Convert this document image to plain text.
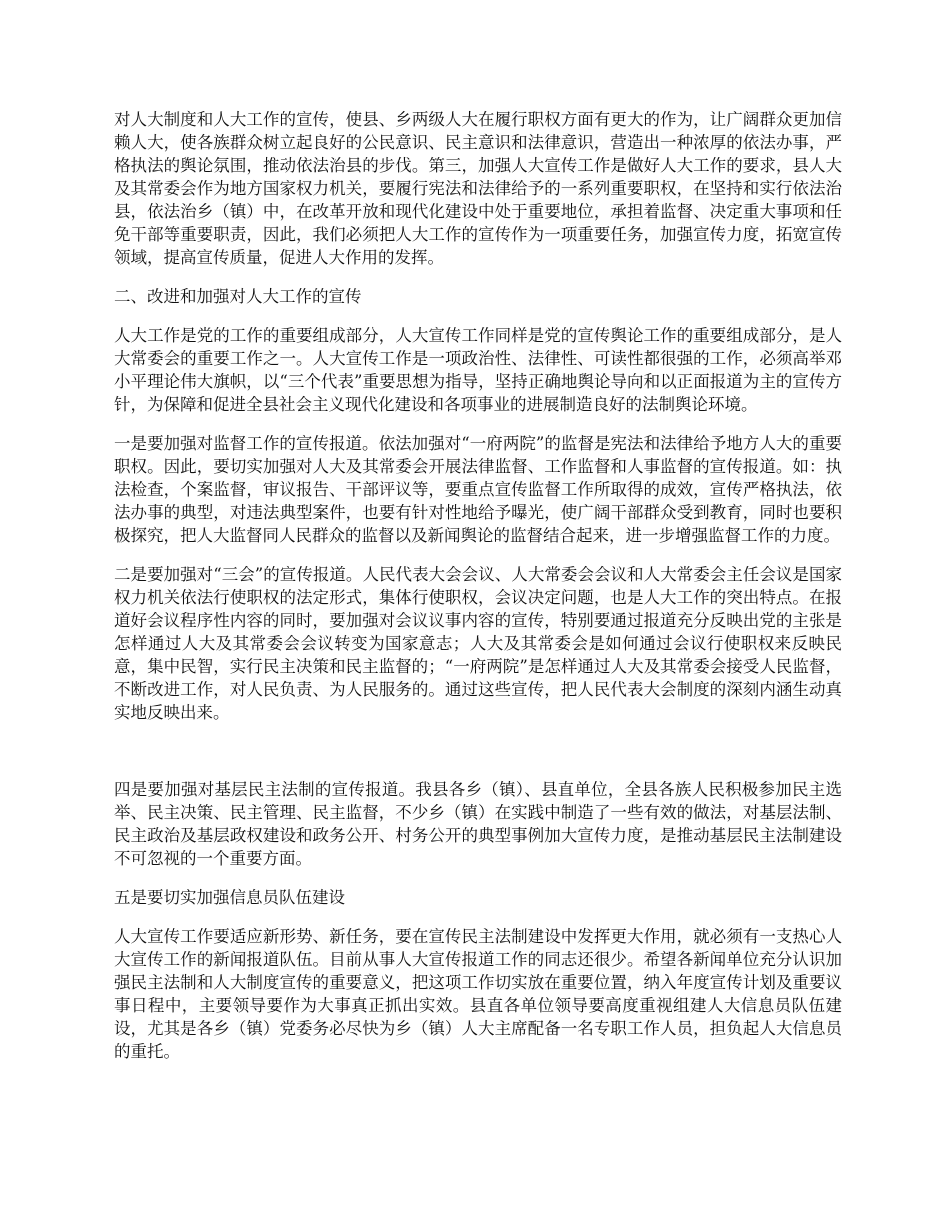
对人大制度和人大工作的宣传，使县、乡两级人大在履行职权方面有更大的作为，让广阔群众更加信赖人大，使各族群众树立起良好的公民意识、民主意识和法律意识，营造出一种浓厚的依法办事，严格执法的舆论氛围，推动依法治县的步伐。第三，加强人大宣传工作是做好人大工作的要求，县人大及其常委会作为地方国家权力机关，要履行宪法和法律给予的一系列重要职权，在坚持和实行依法治县，依法治乡（镇）中，在改革开放和现代化建设中处于重要地位，承担着监督、决定重大事项和任免干部等重要职责，因此，我们必须把人大工作的宣传作为一项重要任务，加强宣传力度，拓宽宣传领域，提高宣传质量，促进人大作用的发挥。

二、改进和加强对人大工作的宣传

人大工作是党的工作的重要组成部分，人大宣传工作同样是党的宣传舆论工作的重要组成部分，是人大常委会的重要工作之一。人大宣传工作是一项政治性、法律性、可读性都很强的工作，必须高举邓小平理论伟大旗帜，以“三个代表”重要思想为指导，坚持正确地舆论导向和以正面报道为主的宣传方针，为保障和促进全县社会主义现代化建设和各项事业的进展制造良好的法制舆论环境。

一是要加强对监督工作的宣传报道。依法加强对“一府两院”的监督是宪法和法律给予地方人大的重要职权。因此，要切实加强对人大及其常委会开展法律监督、工作监督和人事监督的宣传报道。如：执法检查，个案监督，审议报告、干部评议等，要重点宣传监督工作所取得的成效，宣传严格执法，依法办事的典型，对违法典型案件，也要有针对性地给予曝光，使广阔干部群众受到教育，同时也要积极探究，把人大监督同人民群众的监督以及新闻舆论的监督结合起来，进一步增强监督工作的力度。

二是要加强对“三会”的宣传报道。人民代表大会会议、人大常委会会议和人大常委会主任会议是国家权力机关依法行使职权的法定形式，集体行使职权，会议决定问题，也是人大工作的突出特点。在报道好会议程序性内容的同时，要加强对会议议事内容的宣传，特别要通过报道充分反映出党的主张是怎样通过人大及其常委会会议转变为国家意志；人大及其常委会是如何通过会议行使职权来反映民意，集中民智，实行民主决策和民主监督的；“一府两院”是怎样通过人大及其常委会接受人民监督，不断改进工作，对人民负责、为人民服务的。通过这些宣传，把人民代表大会制度的深刻内涵生动真实地反映出来。

四是要加强对基层民主法制的宣传报道。我县各乡（镇）、县直单位，全县各族人民积极参加民主选举、民主决策、民主管理、民主监督，不少乡（镇）在实践中制造了一些有效的做法，对基层法制、民主政治及基层政权建设和政务公开、村务公开的典型事例加大宣传力度，是推动基层民主法制建设不可忽视的一个重要方面。

五是要切实加强信息员队伍建设

人大宣传工作要适应新形势、新任务，要在宣传民主法制建设中发挥更大作用，就必须有一支热心人大宣传工作的新闻报道队伍。目前从事人大宣传报道工作的同志还很少。希望各新闻单位充分认识加强民主法制和人大制度宣传的重要意义，把这项工作切实放在重要位置，纳入年度宣传计划及重要议事日程中，主要领导要作为大事真正抓出实效。县直各单位领导要高度重视组建人大信息员队伍建设，尤其是各乡（镇）党委务必尽快为乡（镇）人大主席配备一名专职工作人员，担负起人大信息员的重托。
